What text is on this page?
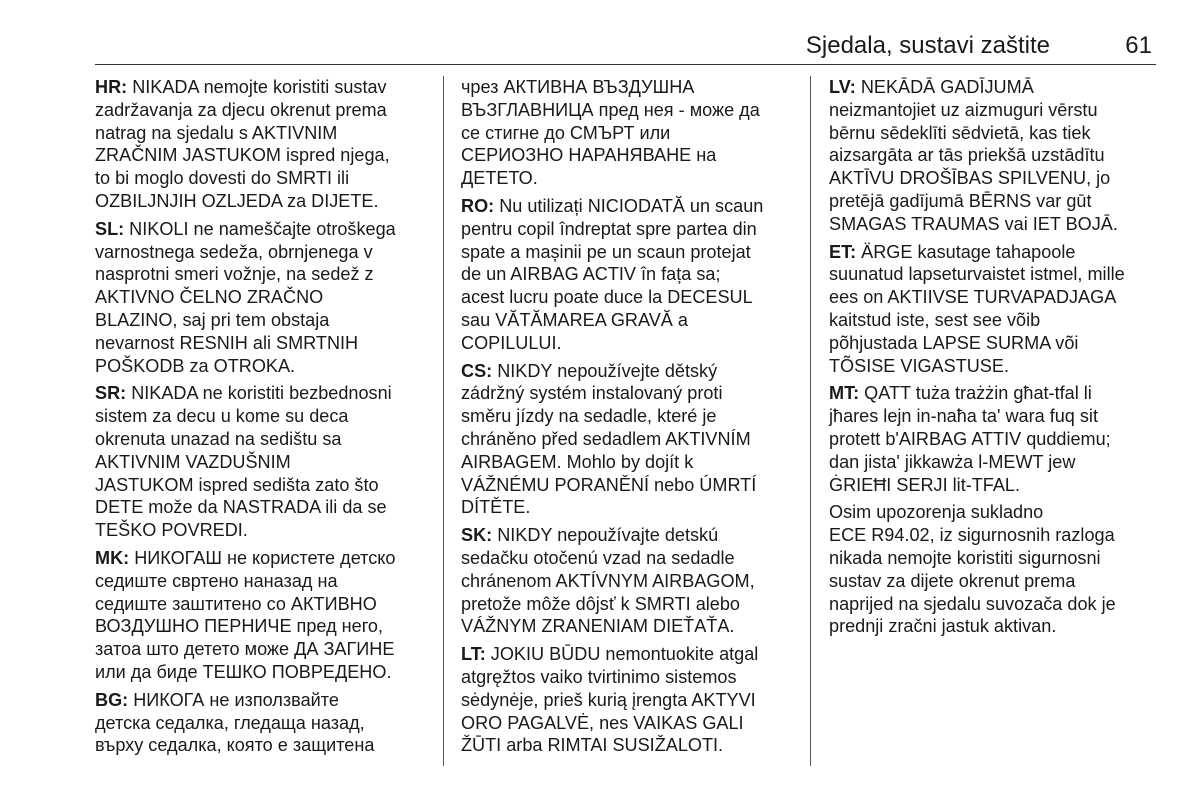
Sjedala, sustavi zaštite	61
HR: NIKADA nemojte koristiti sustav
zadržavanja za djecu okrenut prema
natrag na sjedalu s AKTIVNIM
ZRAČNIM JASTUKOM ispred njega,
to bi moglo dovesti do SMRTI ili
OZBILJNJIH OZLJEDA za DIJETE.
SL: NIKOLI ne nameščajte otroškega
varnostnega sedeža, obrnjenega v
nasprotni smeri vožnje, na sedež z
AKTIVNO ČELNO ZRAČNO
BLAZINO, saj pri tem obstaja
nevarnost RESNIH ali SMRTNIH
POŠKODB za OTROKA.
SR: NIKADA ne koristiti bezbednosni
sistem za decu u kome su deca
okrenuta unazad na sedištu sa
AKTIVNIM VAZDUŠNIM
JASTUKOM ispred sedišta zato što
DETE može da NASTRADA ili da se
TEŠKO POVREDI.
MK: НИКОГАШ не користете детско
седиште свртено наназад на
седиште заштитено со АКТИВНО
ВОЗДУШНО ПЕРНИЧЕ пред него,
затоа што детето може ДА ЗАГИНЕ
или да биде ТЕШКО ПОВРЕДЕНО.
BG: НИКОГА не използвайте
детска седалка, гледаща назад,
върху седалка, която е защитена
чрез АКТИВНА ВЪЗДУШНА
ВЪЗГЛАВНИЦА пред нея - може да
се стигне до СМЪРТ или
СЕРИОЗНО НАРАНЯВАНЕ на
ДЕТЕТО.
RO: Nu utilizați NICIODATĂ un scaun
pentru copil îndreptat spre partea din
spate a mașinii pe un scaun protejat
de un AIRBAG ACTIV în fața sa;
acest lucru poate duce la DECESUL
sau VĂTĂMAREA GRAVĂ a
COPILULUI.
CS: NIKDY nepoužívejte dětský
zádržný systém instalovaný proti
směru jízdy na sedadle, které je
chráněno před sedadlem AKTIVNÍM
AIRBAGEM. Mohlo by dojít k
VÁŽNÉMU PORANĚNÍ nebo ÚMRTÍ
DÍTĚTE.
SK: NIKDY nepoužívajte detskú
sedačku otočenú vzad na sedadle
chránenom AKTÍVNYM AIRBAGOM,
pretože môže dôjsť k SMRTI alebo
VÁŽNYM ZRANENIAM DIEŤAŤA.
LT: JOKIU BŪDU nemontuokite atgal
atgręžtos vaiko tvirtinimo sistemos
sėdynėje, prieš kurią įrengta AKTYVI
ORO PAGALVĖ, nes VAIKAS GALI
ŽŪTI arba RIMTAI SUSIŽALOTI.
LV: NEKĀDĀ GADĪJUMĀ
neizmantojiet uz aizmuguri vērstu
bērnu sēdeklīti sēdvietā, kas tiek
aizsargāta ar tās priekšā uzstādītu
AKTĪVU DROŠĪBAS SPILVENU, jo
pretējā gadījumā BĒRNS var gūt
SMAGAS TRAUMAS vai IET BOJĀ.
ET: ÄRGE kasutage tahapoole
suunatud lapseturvaistet istmel, mille
ees on AKTIIVSE TURVAPADJAGA
kaitstud iste, sest see võib
põhjustada LAPSE SURMA või
TÕSISE VIGASTUSE.
MT: QATT tuża trażżin għat-tfal li
jħares lejn in-naħa ta' wara fuq sit
protett b'AIRBAG ATTIV quddiemu;
dan jista' jikkawża l-MEWT jew
ĠRIEĦI SERJI lit-TFAL.
Osim upozorenja sukladno
ECE R94.02, iz sigurnosnih razloga
nikada nemojte koristiti sigurnosni
sustav za dijete okrenut prema
naprijed na sjedalu suvozača dok je
prednji zračni jastuk aktivan.
